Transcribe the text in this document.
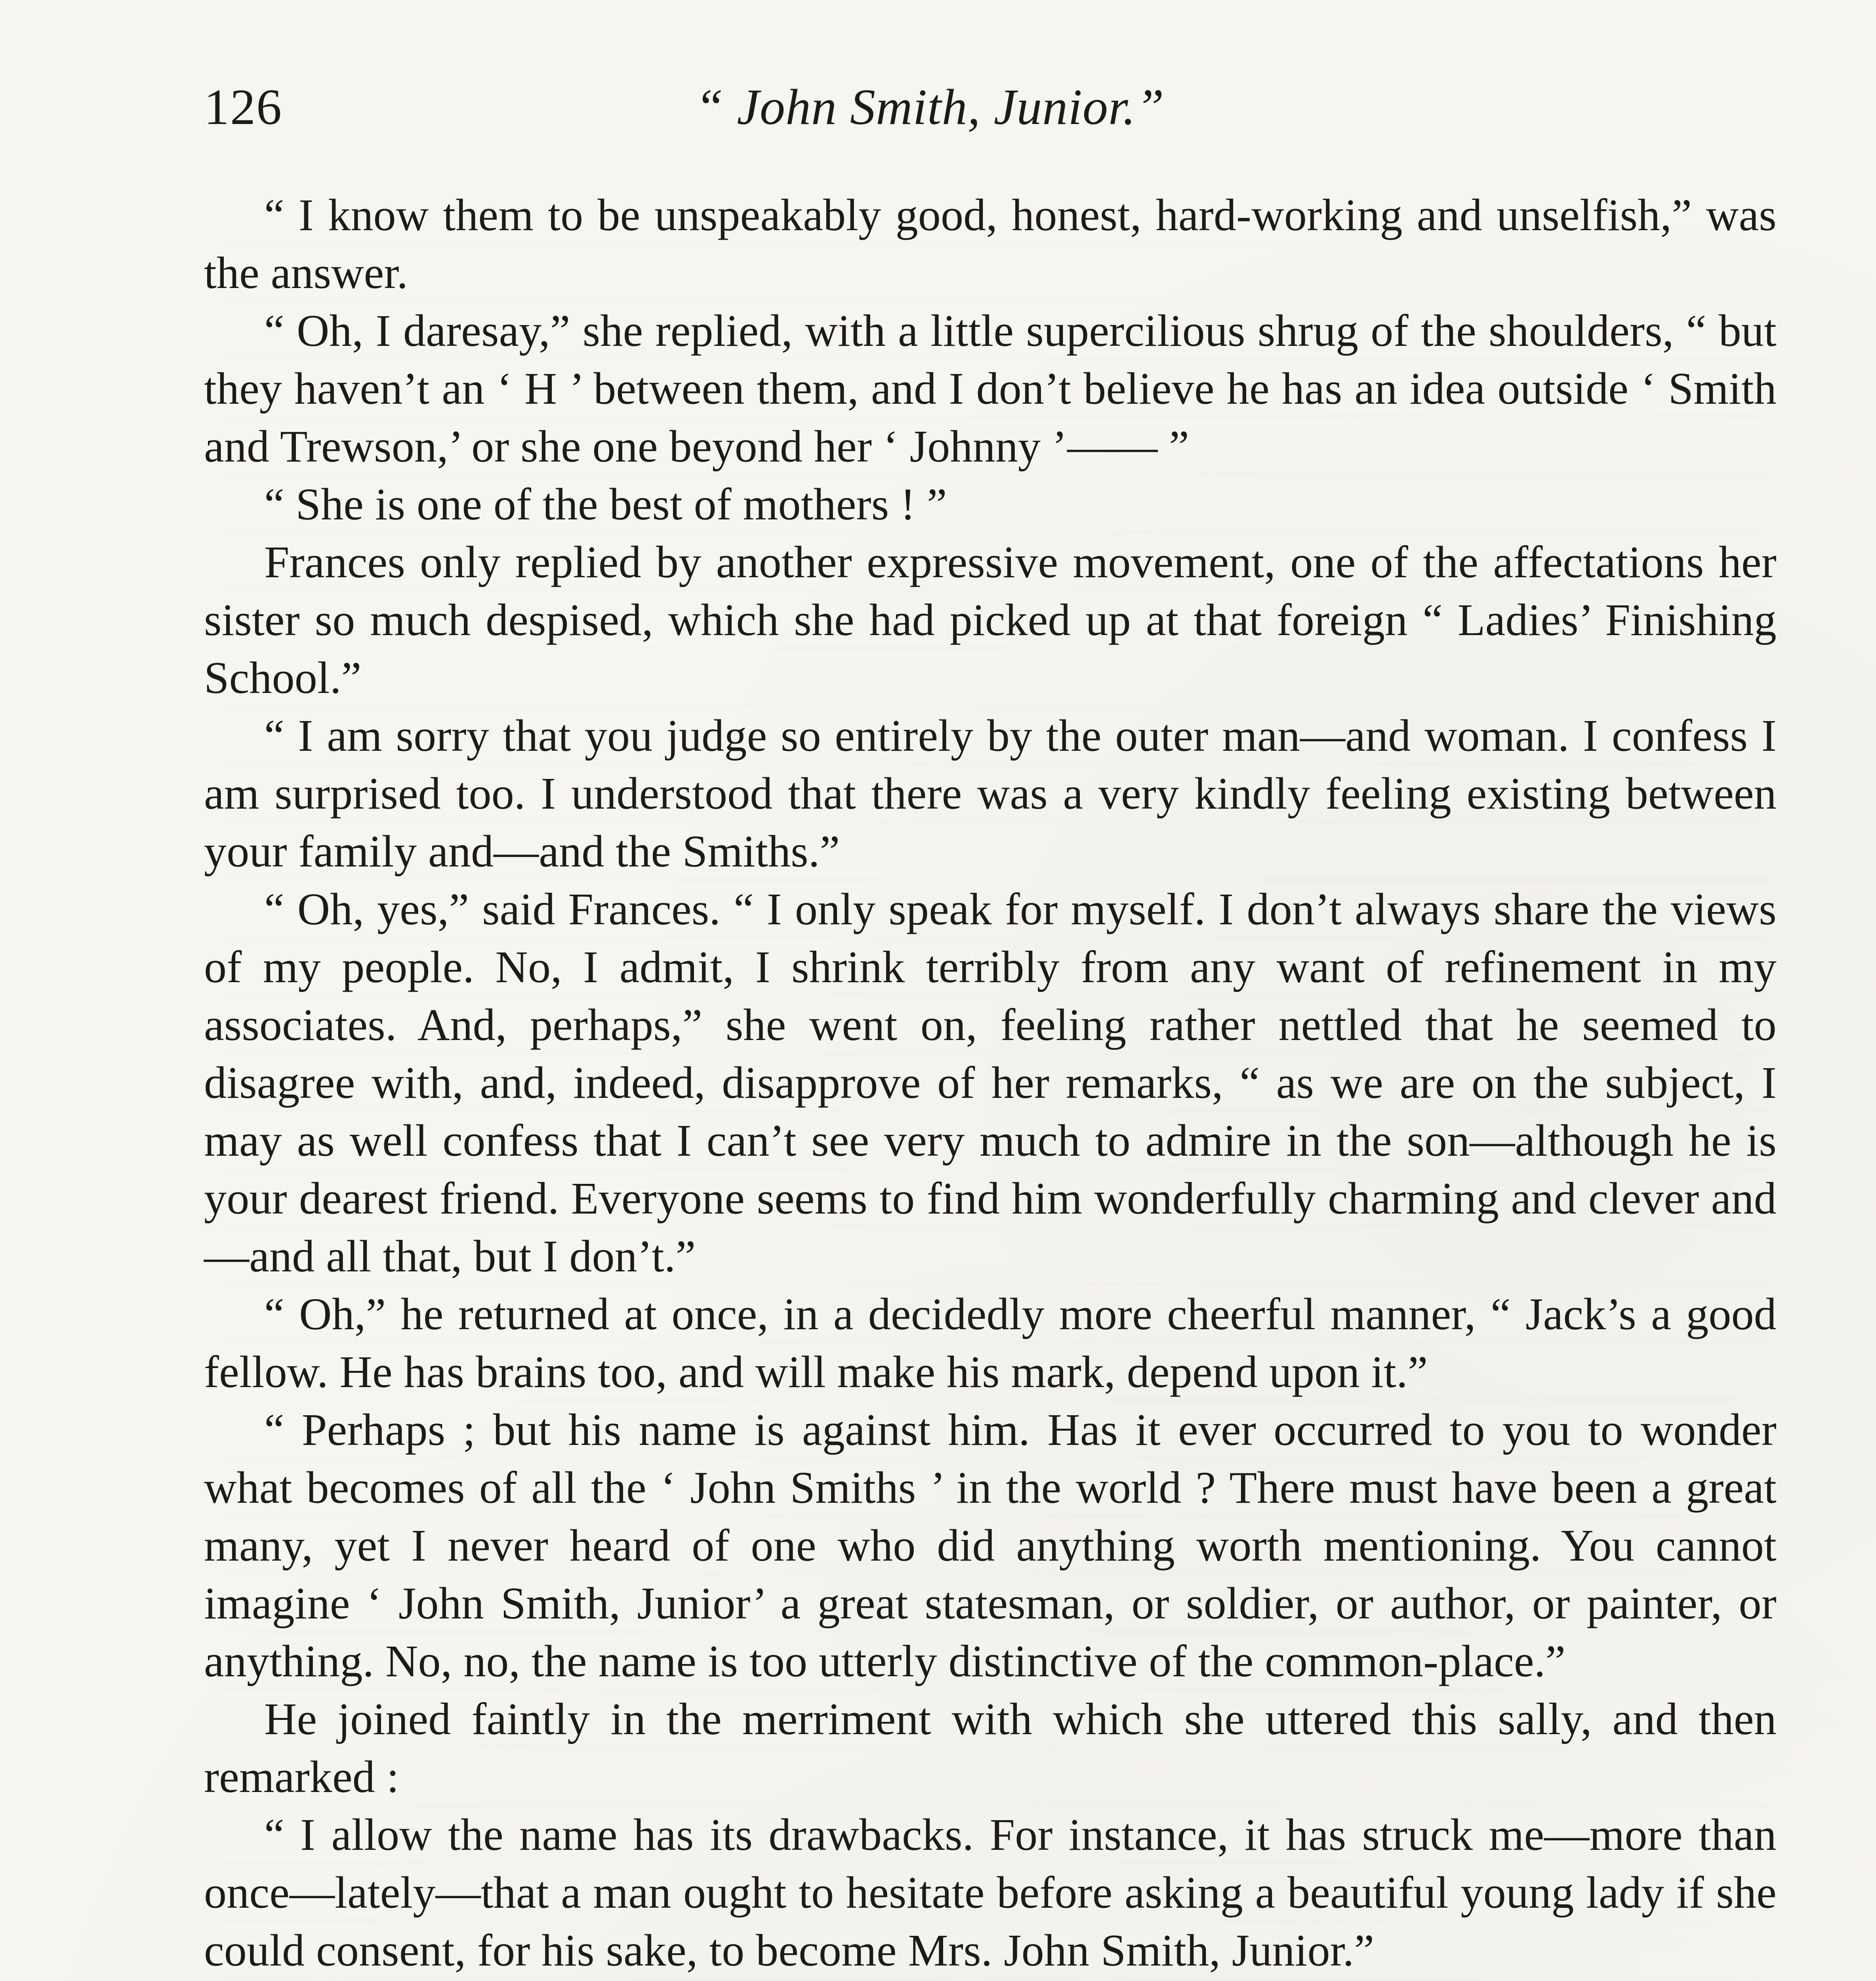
126	“ John Smith, Junior.”

“ I know them to be unspeakably good, honest, hard-working and unselfish,” was the answer.

“ Oh, I daresay,” she replied, with a little supercilious shrug of the shoulders, “ but they haven’t an ‘ H ’ between them, and I don’t believe he has an idea outside ‘ Smith and Trewson,’ or she one beyond her ‘ Johnny ’—— ”

“ She is one of the best of mothers ! ”

Frances only replied by another expressive movement, one of the affectations her sister so much despised, which she had picked up at that foreign “ Ladies’ Finishing School.”

“ I am sorry that you judge so entirely by the outer man—and woman. I confess I am surprised too. I understood that there was a very kindly feeling existing between your family and—and the Smiths.”

“ Oh, yes,” said Frances. “ I only speak for myself. I don’t always share the views of my people. No, I admit, I shrink terribly from any want of refinement in my associates. And, perhaps,” she went on, feeling rather nettled that he seemed to disagree with, and, indeed, disapprove of her remarks, “ as we are on the subject, I may as well confess that I can’t see very much to admire in the son—although he is your dearest friend. Everyone seems to find him wonderfully charming and clever and—and all that, but I don’t.”

“ Oh,” he returned at once, in a decidedly more cheerful manner, “ Jack’s a good fellow. He has brains too, and will make his mark, depend upon it.”

“ Perhaps ; but his name is against him. Has it ever occurred to you to wonder what becomes of all the ‘ John Smiths ’ in the world ? There must have been a great many, yet I never heard of one who did anything worth mentioning. You cannot imagine ‘ John Smith, Junior’ a great statesman, or soldier, or author, or painter, or anything. No, no, the name is too utterly distinctive of the common-place.”

He joined faintly in the merriment with which she uttered this sally, and then remarked :

“ I allow the name has its drawbacks. For instance, it has struck me—more than once—lately—that a man ought to hesitate before asking a beautiful young lady if she could consent, for his sake, to become Mrs. John Smith, Junior.”
